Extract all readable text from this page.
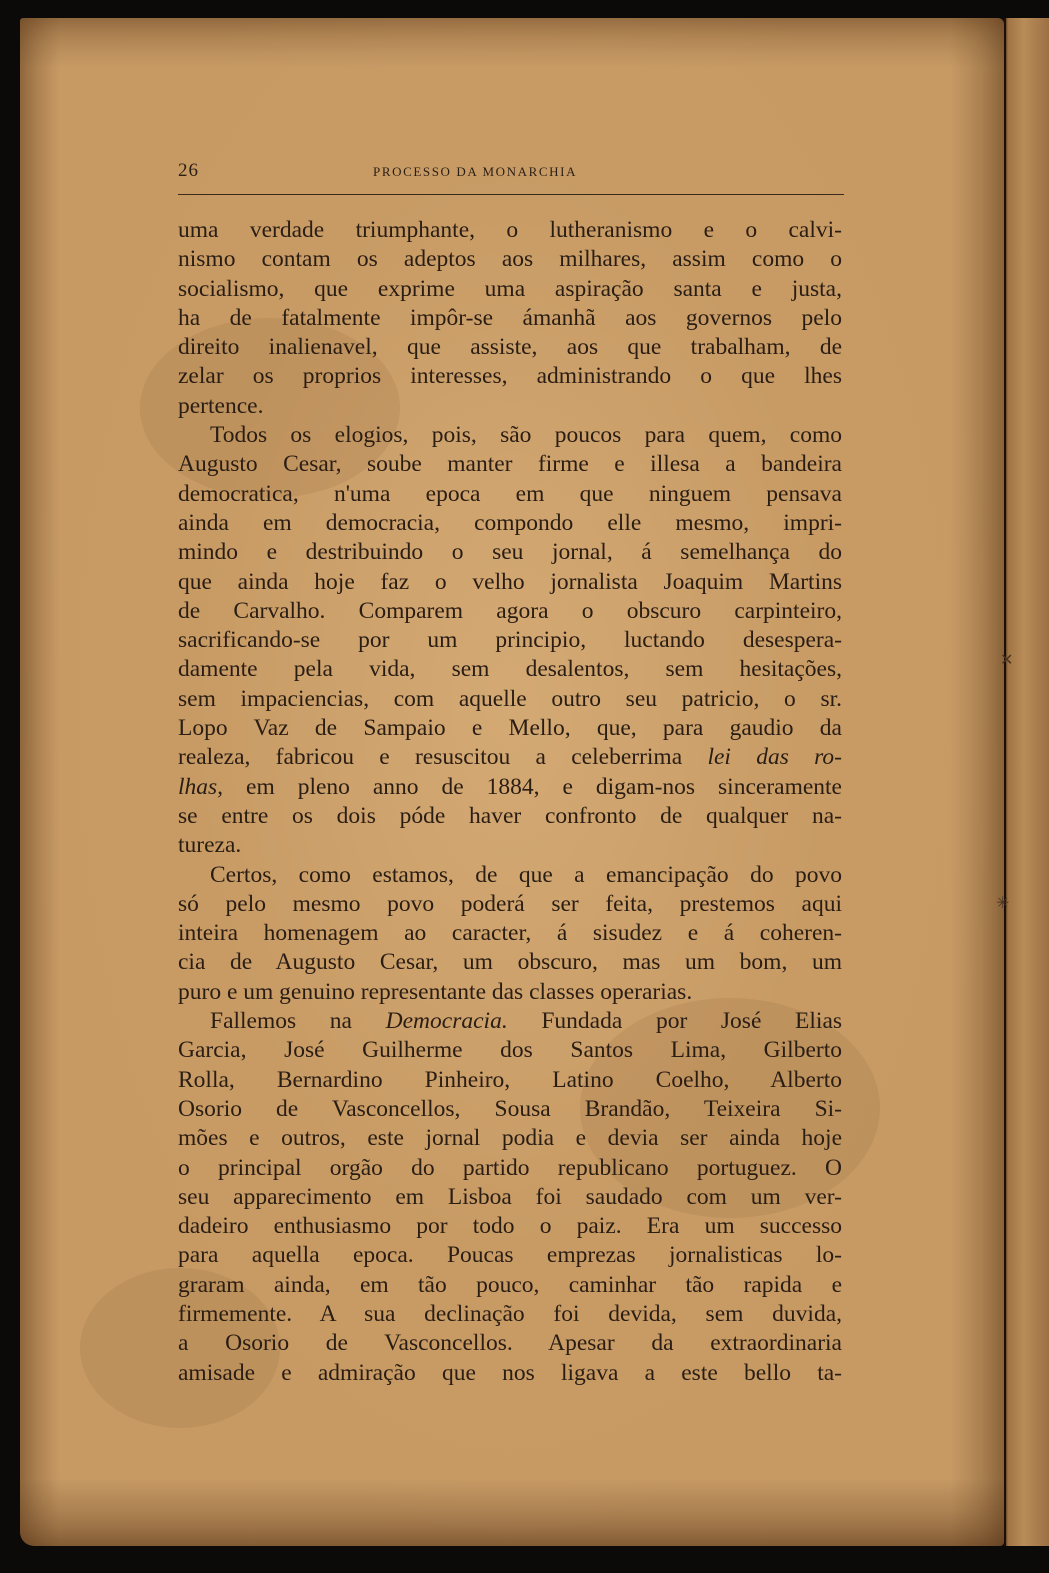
✕
✳
26	PROCESSO DA MONARCHIA

uma verdade triumphante, o lutheranismo e o calvi-
nismo contam os adeptos aos milhares, assim como o
socialismo, que exprime uma aspiração santa e justa,
ha de fatalmente impôr-se ámanhã aos governos pelo
direito inalienavel, que assiste, aos que trabalham, de
zelar os proprios interesses, administrando o que lhes
pertence.

Todos os elogios, pois, são poucos para quem, como
Augusto Cesar, soube manter firme e illesa a bandeira
democratica, n'uma epoca em que ninguem pensava
ainda em democracia, compondo elle mesmo, impri-
mindo e destribuindo o seu jornal, á semelhança do
que ainda hoje faz o velho jornalista Joaquim Martins
de Carvalho. Comparem agora o obscuro carpinteiro,
sacrificando-se por um principio, luctando desespera-
damente pela vida, sem desalentos, sem hesitações,
sem impaciencias, com aquelle outro seu patricio, o sr.
Lopo Vaz de Sampaio e Mello, que, para gaudio da
realeza, fabricou e resuscitou a celeberrima lei das ro-
lhas, em pleno anno de 1884, e digam-nos sinceramente
se entre os dois póde haver confronto de qualquer na-
tureza.

Certos, como estamos, de que a emancipação do povo
só pelo mesmo povo poderá ser feita, prestemos aqui
inteira homenagem ao caracter, á sisudez e á coheren-
cia de Augusto Cesar, um obscuro, mas um bom, um
puro e um genuino representante das classes operarias.

Fallemos na Democracia. Fundada por José Elias
Garcia, José Guilherme dos Santos Lima, Gilberto
Rolla, Bernardino Pinheiro, Latino Coelho, Alberto
Osorio de Vasconcellos, Sousa Brandão, Teixeira Si-
mões e outros, este jornal podia e devia ser ainda hoje
o principal orgão do partido republicano portuguez. O
seu apparecimento em Lisboa foi saudado com um ver-
dadeiro enthusiasmo por todo o paiz. Era um successo
para aquella epoca. Poucas emprezas jornalisticas lo-
graram ainda, em tão pouco, caminhar tão rapida e
firmemente. A sua declinação foi devida, sem duvida,
a Osorio de Vasconcellos. Apesar da extraordinaria
amisade e admiração que nos ligava a este bello ta-
